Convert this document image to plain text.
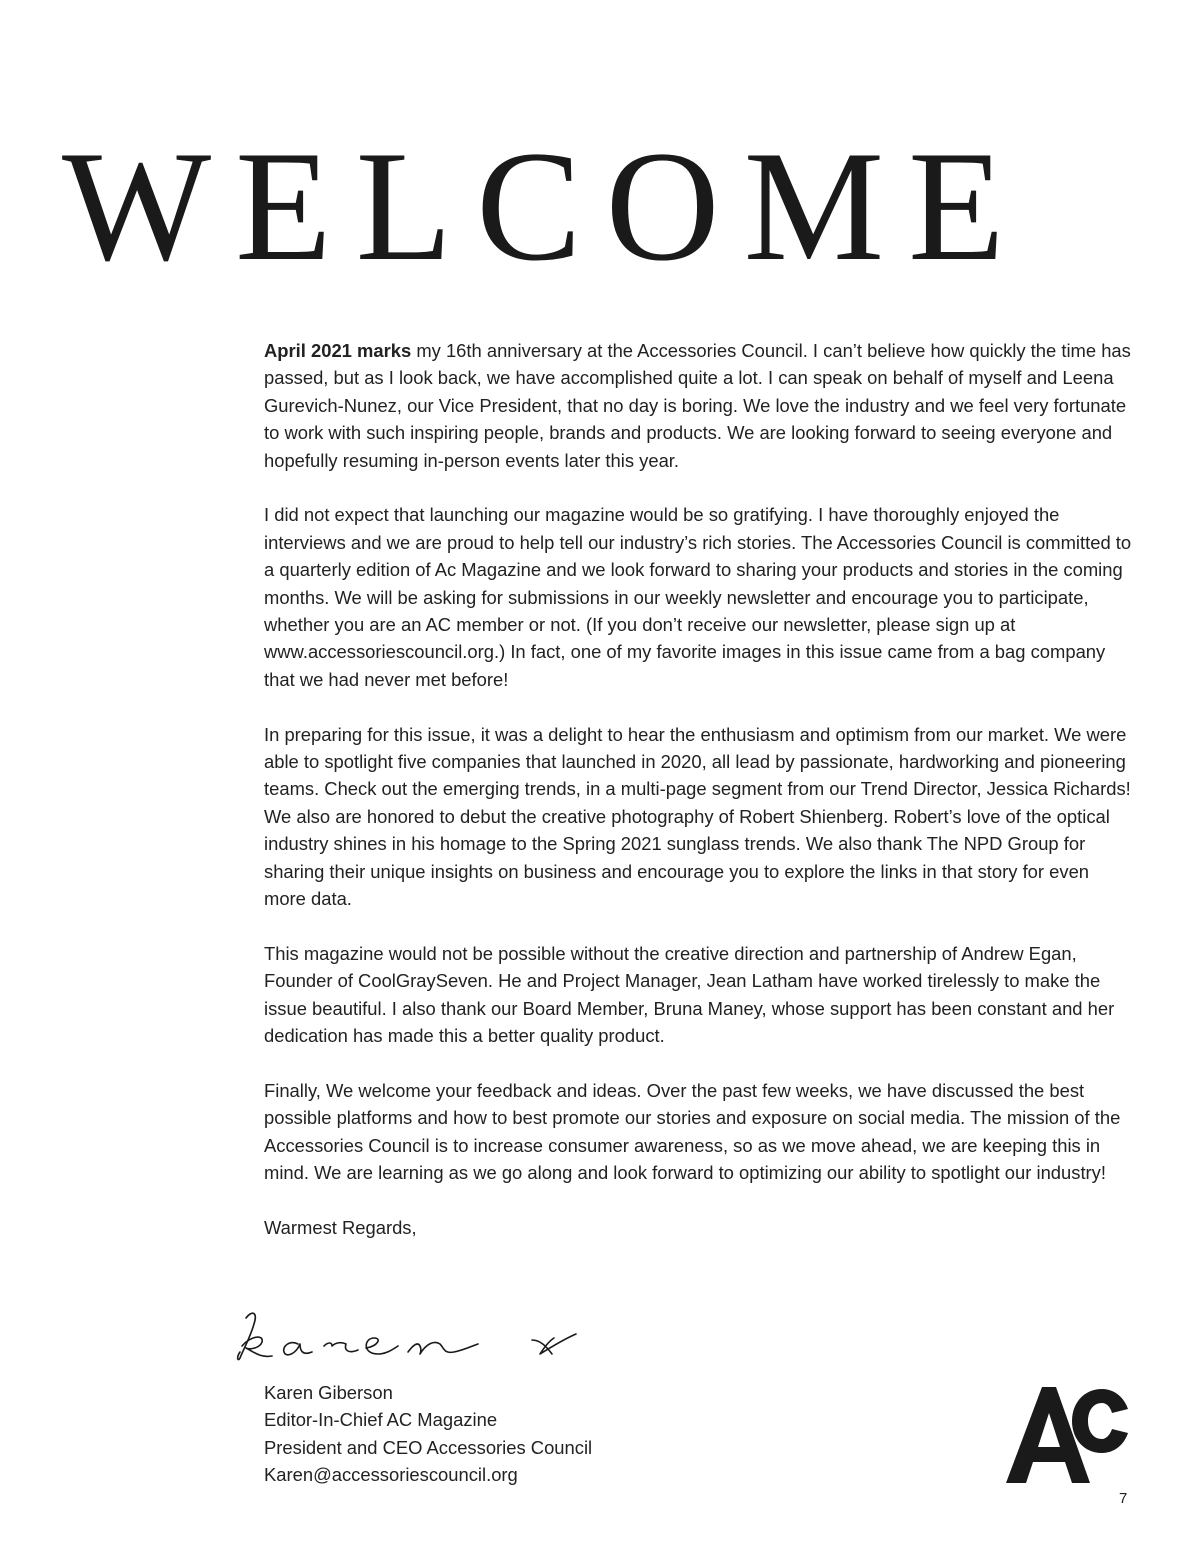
WELCOME

April 2021 marks my 16th anniversary at the Accessories Council. I can’t believe how quickly the time has passed, but as I look back, we have accomplished quite a lot. I can speak on behalf of myself and Leena Gurevich-Nunez, our Vice President, that no day is boring. We love the industry and we feel very fortunate to work with such inspiring people, brands and products. We are looking forward to seeing everyone and hopefully resuming in-person events later this year.

I did not expect that launching our magazine would be so gratifying. I have thoroughly enjoyed the interviews and we are proud to help tell our industry’s rich stories. The Accessories Council is committed to a quarterly edition of Ac Magazine and we look forward to sharing your products and stories in the coming months. We will be asking for submissions in our weekly newsletter and encourage you to participate, whether you are an AC member or not. (If you don’t receive our newsletter, please sign up at www.accessoriescouncil.org.) In fact, one of my favorite images in this issue came from a bag company that we had never met before!

In preparing for this issue, it was a delight to hear the enthusiasm and optimism from our market. We were able to spotlight five companies that launched in 2020, all lead by passionate, hardworking and pioneering teams. Check out the emerging trends, in a multi-page segment from our Trend Director, Jessica Richards! We also are honored to debut the creative photography of Robert Shienberg. Robert’s love of the optical industry shines in his homage to the Spring 2021 sunglass trends. We also thank The NPD Group for sharing their unique insights on business and encourage you to explore the links in that story for even more data.

This magazine would not be possible without the creative direction and partnership of Andrew Egan, Founder of CoolGraySeven. He and Project Manager, Jean Latham have worked tirelessly to make the issue beautiful. I also thank our Board Member, Bruna Maney, whose support has been constant and her dedication has made this a better quality product.

Finally, We welcome your feedback and ideas. Over the past few weeks, we have discussed the best possible platforms and how to best promote our stories and exposure on social media. The mission of the Accessories Council is to increase consumer awareness, so as we move ahead, we are keeping this in mind. We are learning as we go along and look forward to optimizing our ability to spotlight our industry!

Warmest Regards,

Karen Giberson
Editor-In-Chief AC Magazine
President and CEO Accessories Council
Karen@accessoriescouncil.org
7
